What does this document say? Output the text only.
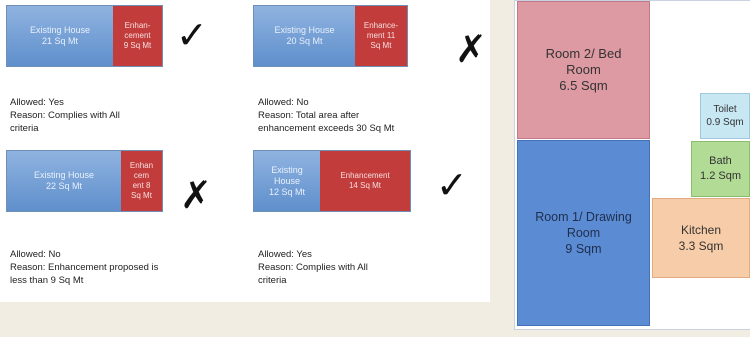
Existing House
21 Sq Mt
Enhan-
cement
9 Sq Mt ✓
Allowed: Yes
Reason: Complies with All
criteria
Existing House
20 Sq Mt
Enhance-
ment 11
Sq Mt	✗
Allowed: No
Reason: Total area after
enhancement exceeds 30 Sq Mt
Existing House
22 Sq Mt
Enhan
cem
ent 8
Sq Mt ✗
Allowed: No
Reason: Enhancement proposed is
less than 9 Sq Mt
Existing
House
12 Sq Mt
Enhancement
14 Sq Mt	✓
Allowed: Yes
Reason: Complies with All
criteria
Room 2/ Bed
Room
6.5 Sqm
Room 1/ Drawing
Room
9 Sqm
Toilet
0.9 Sqm
Bath
1.2 Sqm
Kitchen
3.3 Sqm
